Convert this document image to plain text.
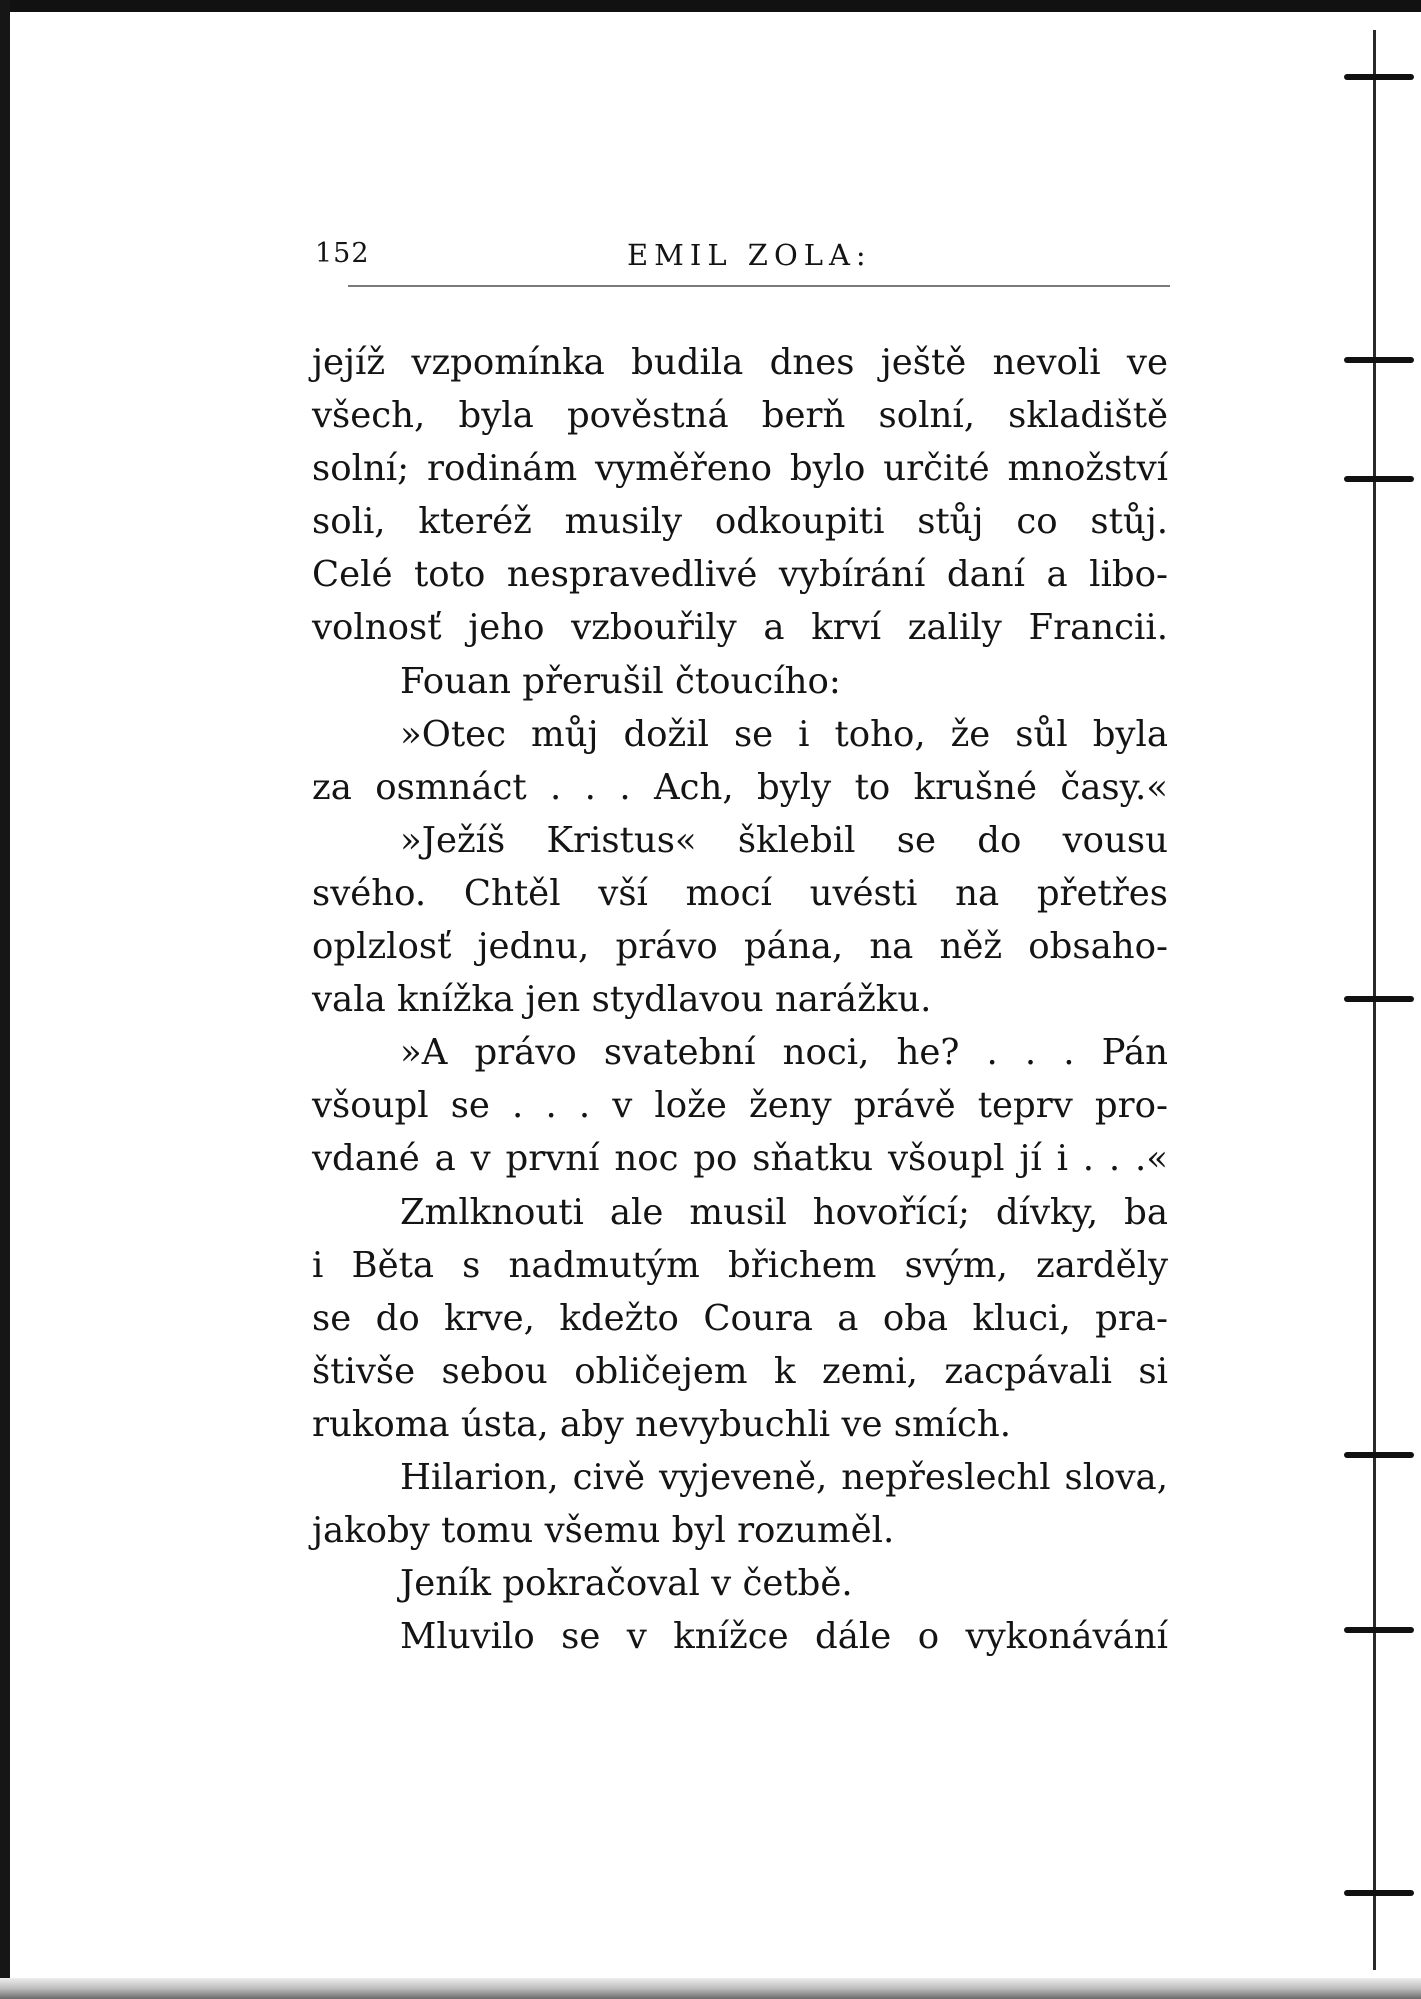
152	EMIL ZOLA:
jejíž vzpomínka budila dnes ještě nevoli ve
všech, byla pověstná berň solní, skladiště
solní; rodinám vyměřeno bylo určité množství
soli, kteréž musily odkoupiti stůj co stůj.
Celé toto nespravedlivé vybírání daní a libo-
volnosť jeho vzbouřily a krví zalily Francii.
Fouan přerušil čtoucího:
»Otec můj dožil se i toho, že sůl byla
za osmnáct . . . Ach, byly to krušné časy.«
»Ježíš Kristus« šklebil se do vousu
svého. Chtěl vší mocí uvésti na přetřes
oplzlosť jednu, právo pána, na něž obsaho-
vala knížka jen stydlavou narážku.
»A právo svatební noci, he? . . . Pán
všoupl se . . . v lože ženy právě teprv pro-
vdané a v první noc po sňatku všoupl jí i . . .«
Zmlknouti ale musil hovořící; dívky, ba
i Běta s nadmutým břichem svým, zarděly
se do krve, kdežto Coura a oba kluci, pra-
štivše sebou obličejem k zemi, zacpávali si
rukoma ústa, aby nevybuchli ve smích.
Hilarion, civě vyjeveně, nepřeslechl slova,
jakoby tomu všemu byl rozuměl.
Jeník pokračoval v četbě.
Mluvilo se v knížce dále o vykonávání
